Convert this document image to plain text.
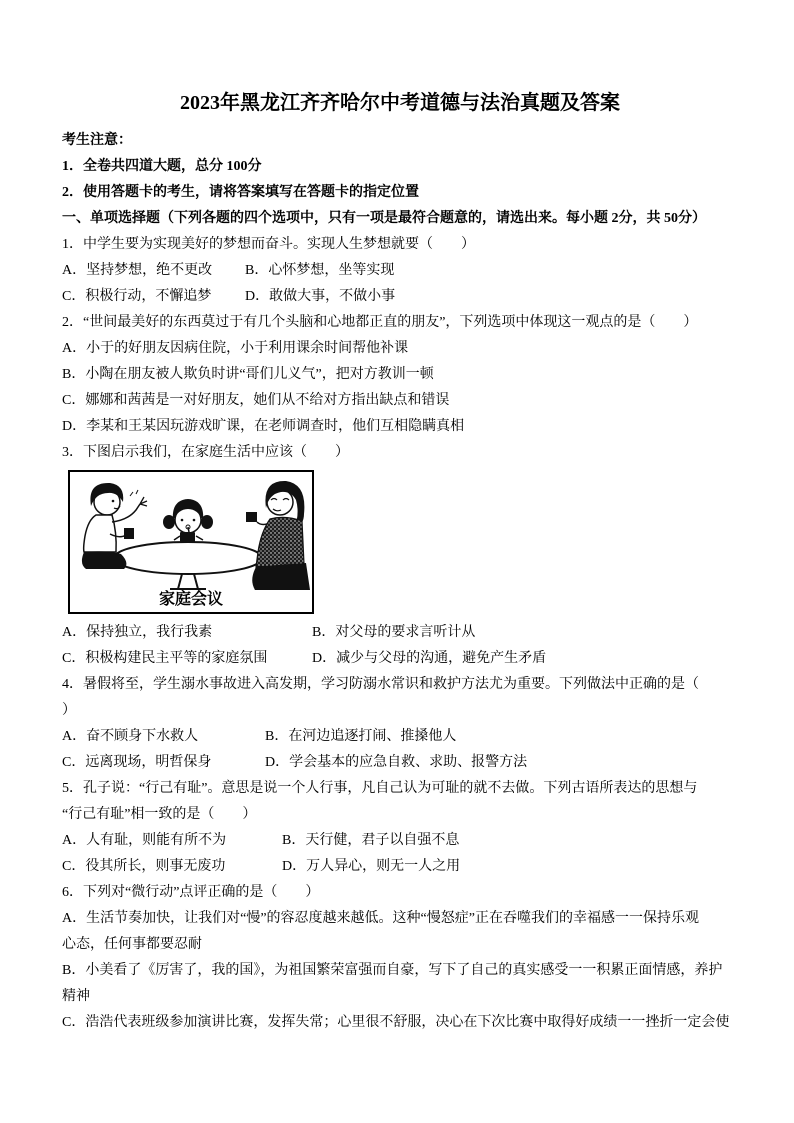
2023年黑龙江齐齐哈尔中考道德与法治真题及答案

考生注意：

1．全卷共四道大题，总分 100分

2．使用答题卡的考生，请将答案填写在答题卡的指定位置

一、单项选择题（下列各题的四个选项中，只有一项是最符合题意的，请选出来。每小题 2分，共 50分）

1．中学生要为实现美好的梦想而奋斗。实现人生梦想就要（　　）

A．坚持梦想，绝不更改 B．心怀梦想，坐等实现

C．积极行动，不懈追梦 D．敢做大事，不做小事

2．“世间最美好的东西莫过于有几个头脑和心地都正直的朋友”，下列选项中体现这一观点的是（　　）

A．小于的好朋友因病住院，小于利用课余时间帮他补课

B．小陶在朋友被人欺负时讲“哥们儿义气”，把对方教训一顿

C．娜娜和茜茜是一对好朋友，她们从不给对方指出缺点和错误

D．李某和王某因玩游戏旷课，在老师调查时，他们互相隐瞒真相

3．下图启示我们，在家庭生活中应该（　　）

家庭会议

A．保持独立，我行我素	B．对父母的要求言听计从

C．积极构建民主平等的家庭氛围	D．减少与父母的沟通，避免产生矛盾

4．暑假将至，学生溺水事故进入高发期，学习防溺水常识和救护方法尤为重要。下列做法中正确的是（

）

A．奋不顾身下水救人	B．在河边追逐打闹、推搡他人

C．远离现场，明哲保身	D．学会基本的应急自救、求助、报警方法

5．孔子说：“行己有耻”。意思是说一个人行事，凡自己认为可耻的就不去做。下列古语所表达的思想与

“行己有耻”相一致的是（　　）

A．人有耻，则能有所不为	B．天行健，君子以自强不息

C．役其所长，则事无废功	D．万人异心，则无一人之用

6．下列对“微行动”点评正确的是（　　）

A．生活节奏加快，让我们对“慢”的容忍度越来越低。这种“慢怒症”正在吞噬我们的幸福感一一保持乐观

心态，任何事都要忍耐

B．小美看了《厉害了，我的国》，为祖国繁荣富强而自豪，写下了自己的真实感受一一积累正面情感，养护

精神

C．浩浩代表班级参加演讲比赛，发挥失常；心里很不舒服，决心在下次比赛中取得好成绩一一挫折一定会使
